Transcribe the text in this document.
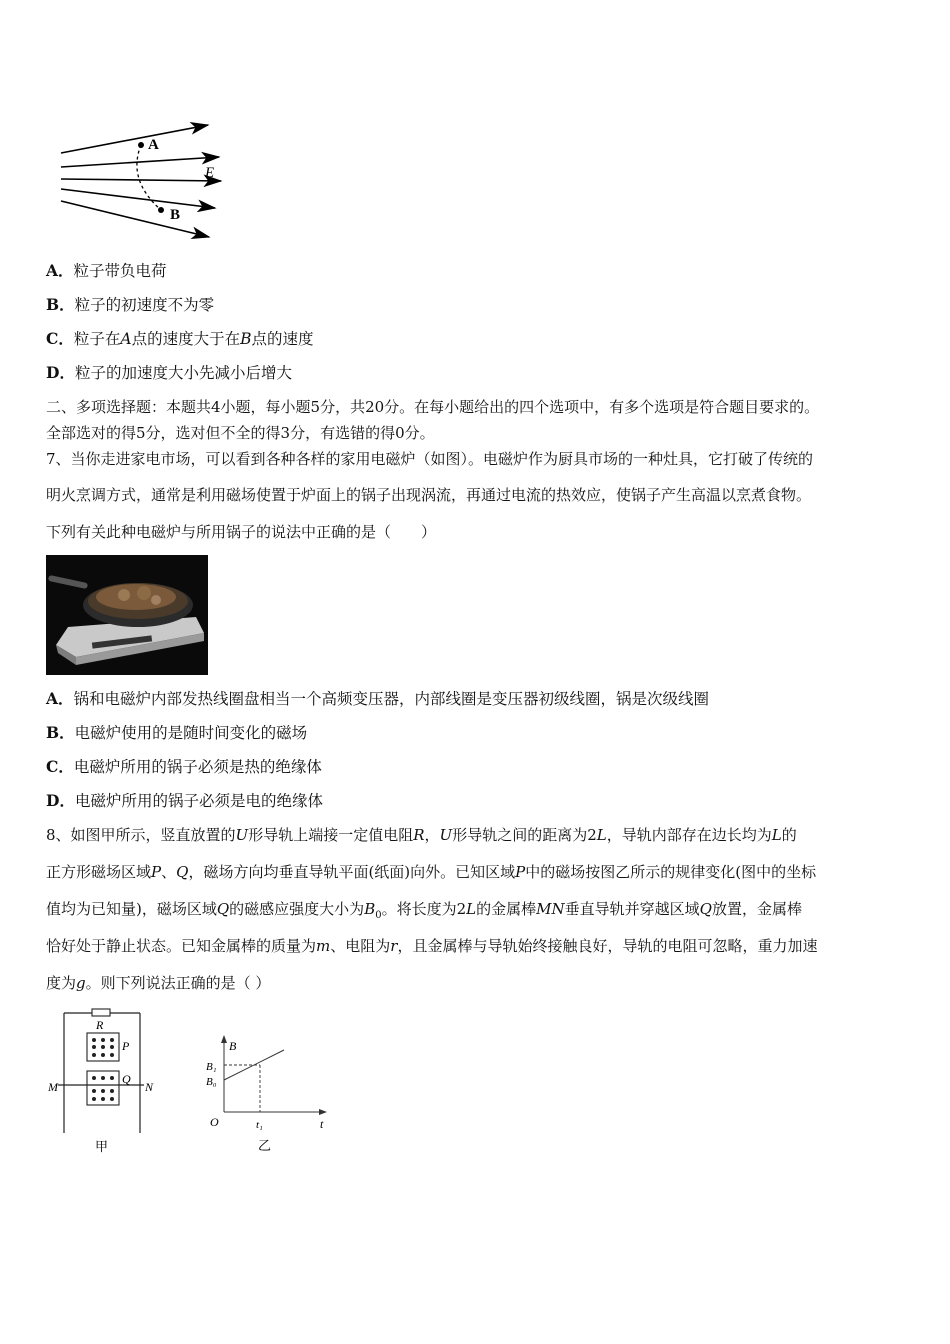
A
B
E
A．粒子带负电荷
B．粒子的初速度不为零
C．粒子在A点的速度大于在B点的速度
D．粒子的加速度大小先减小后增大
二、多项选择题：本题共4小题，每小题5分，共20分。在每小题给出的四个选项中，有多个选项是符合题目要求的。
全部选对的得5分，选对但不全的得3分，有选错的得0分。
7、当你走进家电市场，可以看到各种各样的家用电磁炉（如图）。电磁炉作为厨具市场的一种灶具，它打破了传统的
明火烹调方式，通常是利用磁场使置于炉面上的锅子出现涡流，再通过电流的热效应，使锅子产生高温以烹煮食物。
下列有关此种电磁炉与所用锅子的说法中正确的是（　　）
A．锅和电磁炉内部发热线圈盘相当一个高频变压器，内部线圈是变压器初级线圈，锅是次级线圈
B．电磁炉使用的是随时间变化的磁场
C．电磁炉所用的锅子必须是热的绝缘体
D．电磁炉所用的锅子必须是电的绝缘体
8、如图甲所示，竖直放置的U形导轨上端接一定值电阻R，U形导轨之间的距离为2L，导轨内部存在边长均为L的
正方形磁场区域P、Q，磁场方向均垂直导轨平面(纸面)向外。已知区域P中的磁场按图乙所示的规律变化(图中的坐标
值均为已知量)，磁场区域Q的磁感应强度大小为$B_0$。将长度为2L的金属棒MN垂直导轨并穿越区域Q放置，金属棒
恰好处于静止状态。已知金属棒的质量为m、电阻为r，且金属棒与导轨始终接触良好，导轨的电阻可忽略，重力加速
度为g。则下列说法正确的是（ ）
R
P
Q
M	N
甲
B
B₁
B₀
O	t₁	t
乙
